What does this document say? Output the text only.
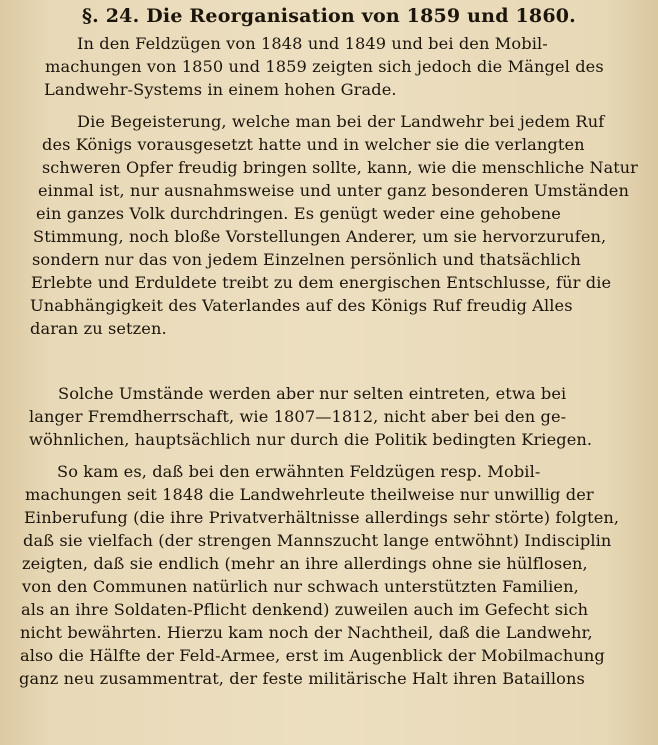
§. 24. Die Reorganisation von 1859 und 1860.
In den Feldzügen von 1848 und 1849 und bei den Mobil-
machungen von 1850 und 1859 zeigten sich jedoch die Mängel des
Landwehr-Systems in einem hohen Grade.
Die Begeisterung, welche man bei der Landwehr bei jedem Ruf
des Königs vorausgesetzt hatte und in welcher sie die verlangten
schweren Opfer freudig bringen sollte, kann, wie die menschliche Natur
einmal ist, nur ausnahmsweise und unter ganz besonderen Umständen
ein ganzes Volk durchdringen. Es genügt weder eine gehobene
Stimmung, noch bloße Vorstellungen Anderer, um sie hervorzurufen,
sondern nur das von jedem Einzelnen persönlich und thatsächlich
Erlebte und Erduldete treibt zu dem energischen Entschlusse, für die
Unabhängigkeit des Vaterlandes auf des Königs Ruf freudig Alles
daran zu setzen.
Solche Umstände werden aber nur selten eintreten, etwa bei
langer Fremdherrschaft, wie 1807—1812, nicht aber bei den ge-
wöhnlichen, hauptsächlich nur durch die Politik bedingten Kriegen.
So kam es, daß bei den erwähnten Feldzügen resp. Mobil-
machungen seit 1848 die Landwehrleute theilweise nur unwillig der
Einberufung (die ihre Privatverhältnisse allerdings sehr störte) folgten,
daß sie vielfach (der strengen Mannszucht lange entwöhnt) Indisciplin
zeigten, daß sie endlich (mehr an ihre allerdings ohne sie hülflosen,
von den Communen natürlich nur schwach unterstützten Familien,
als an ihre Soldaten-Pflicht denkend) zuweilen auch im Gefecht sich
nicht bewährten. Hierzu kam noch der Nachtheil, daß die Landwehr,
also die Hälfte der Feld-Armee, erst im Augenblick der Mobilmachung
ganz neu zusammentrat, der feste militärische Halt ihren Bataillons
